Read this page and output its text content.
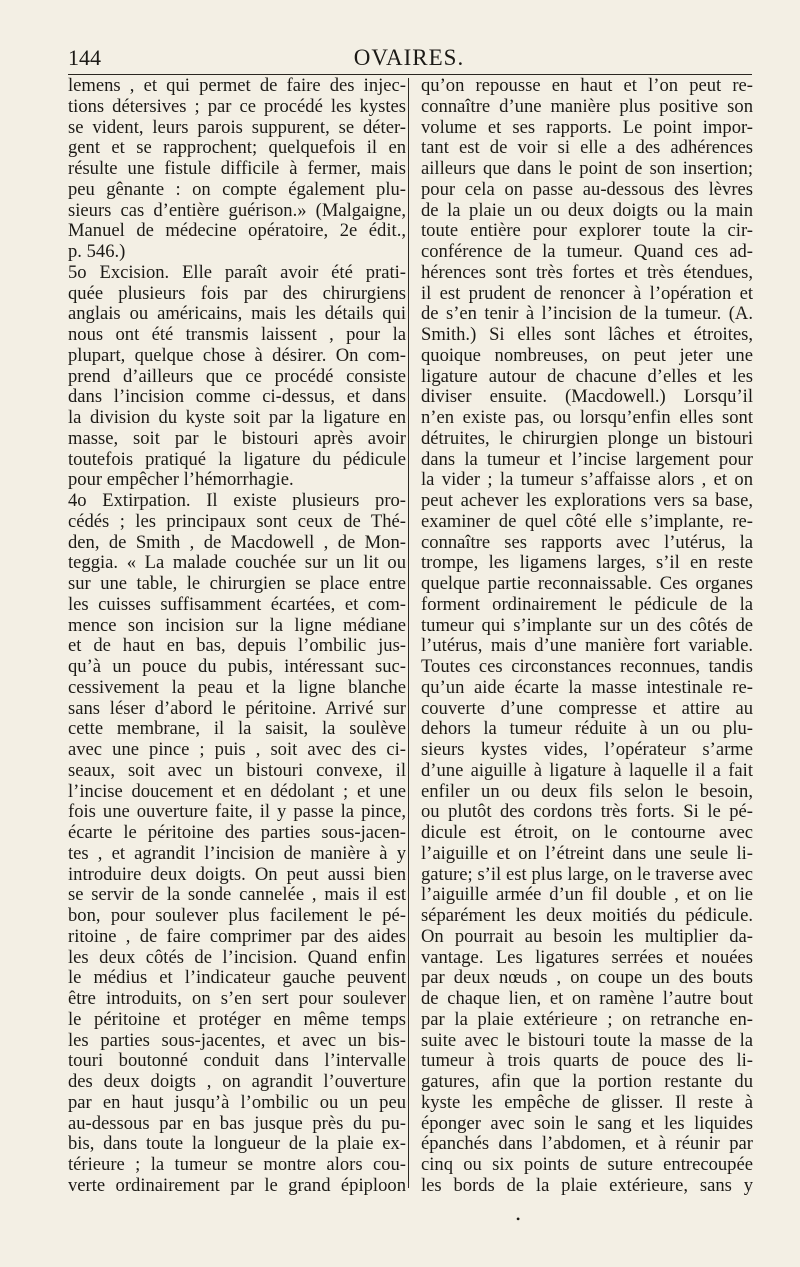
144	OVAIRES.
lemens , et qui permet de faire des injec-
tions détersives ; par ce procédé les kystes
se vident, leurs parois suppurent, se déter-
gent et se rapprochent; quelquefois il en
résulte une fistule difficile à fermer, mais
peu gênante : on compte également plu-
sieurs cas d’entière guérison.» (Malgaigne,
Manuel de médecine opératoire, 2e édit.,
p. 546.)
5o Excision. Elle paraît avoir été prati-
quée plusieurs fois par des chirurgiens
anglais ou américains, mais les détails qui
nous ont été transmis laissent , pour la
plupart, quelque chose à désirer. On com-
prend d’ailleurs que ce procédé consiste
dans l’incision comme ci-dessus, et dans
la division du kyste soit par la ligature en
masse, soit par le bistouri après avoir
toutefois pratiqué la ligature du pédicule
pour empêcher l’hémorrhagie.
4o Extirpation. Il existe plusieurs pro-
cédés ; les principaux sont ceux de Thé-
den, de Smith , de Macdowell , de Mon-
teggia. « La malade couchée sur un lit ou
sur une table, le chirurgien se place entre
les cuisses suffisamment écartées, et com-
mence son incision sur la ligne médiane
et de haut en bas, depuis l’ombilic jus-
qu’à un pouce du pubis, intéressant suc-
cessivement la peau et la ligne blanche
sans léser d’abord le péritoine. Arrivé sur
cette membrane, il la saisit, la soulève
avec une pince ; puis , soit avec des ci-
seaux, soit avec un bistouri convexe, il
l’incise doucement et en dédolant ; et une
fois une ouverture faite, il y passe la pince,
écarte le péritoine des parties sous-jacen-
tes , et agrandit l’incision de manière à y
introduire deux doigts. On peut aussi bien
se servir de la sonde cannelée , mais il est
bon, pour soulever plus facilement le pé-
ritoine , de faire comprimer par des aides
les deux côtés de l’incision. Quand enfin
le médius et l’indicateur gauche peuvent
être introduits, on s’en sert pour soulever
le péritoine et protéger en même temps
les parties sous-jacentes, et avec un bis-
touri boutonné conduit dans l’intervalle
des deux doigts , on agrandit l’ouverture
par en haut jusqu’à l’ombilic ou un peu
au-dessous par en bas jusque près du pu-
bis, dans toute la longueur de la plaie ex-
térieure ; la tumeur se montre alors cou-
verte ordinairement par le grand épiploon
qu’on repousse en haut et l’on peut re-
connaître d’une manière plus positive son
volume et ses rapports. Le point impor-
tant est de voir si elle a des adhérences
ailleurs que dans le point de son insertion;
pour cela on passe au-dessous des lèvres
de la plaie un ou deux doigts ou la main
toute entière pour explorer toute la cir-
conférence de la tumeur. Quand ces ad-
hérences sont très fortes et très étendues,
il est prudent de renoncer à l’opération et
de s’en tenir à l’incision de la tumeur. (A.
Smith.) Si elles sont lâches et étroites,
quoique nombreuses, on peut jeter une
ligature autour de chacune d’elles et les
diviser ensuite. (Macdowell.) Lorsqu’il
n’en existe pas, ou lorsqu’enfin elles sont
détruites, le chirurgien plonge un bistouri
dans la tumeur et l’incise largement pour
la vider ; la tumeur s’affaisse alors , et on
peut achever les explorations vers sa base,
examiner de quel côté elle s’implante, re-
connaître ses rapports avec l’utérus, la
trompe, les ligamens larges, s’il en reste
quelque partie reconnaissable. Ces organes
forment ordinairement le pédicule de la
tumeur qui s’implante sur un des côtés de
l’utérus, mais d’une manière fort variable.
Toutes ces circonstances reconnues, tandis
qu’un aide écarte la masse intestinale re-
couverte d’une compresse et attire au
dehors la tumeur réduite à un ou plu-
sieurs kystes vides, l’opérateur s’arme
d’une aiguille à ligature à laquelle il a fait
enfiler un ou deux fils selon le besoin,
ou plutôt des cordons très forts. Si le pé-
dicule est étroit, on le contourne avec
l’aiguille et on l’étreint dans une seule li-
gature; s’il est plus large, on le traverse avec
l’aiguille armée d’un fil double , et on lie
séparément les deux moitiés du pédicule.
On pourrait au besoin les multiplier da-
vantage. Les ligatures serrées et nouées
par deux nœuds , on coupe un des bouts
de chaque lien, et on ramène l’autre bout
par la plaie extérieure ; on retranche en-
suite avec le bistouri toute la masse de la
tumeur à trois quarts de pouce des li-
gatures, afin que la portion restante du
kyste les empêche de glisser. Il reste à
éponger avec soin le sang et les liquides
épanchés dans l’abdomen, et à réunir par
cinq ou six points de suture entrecoupée
les bords de la plaie extérieure, sans y
•
